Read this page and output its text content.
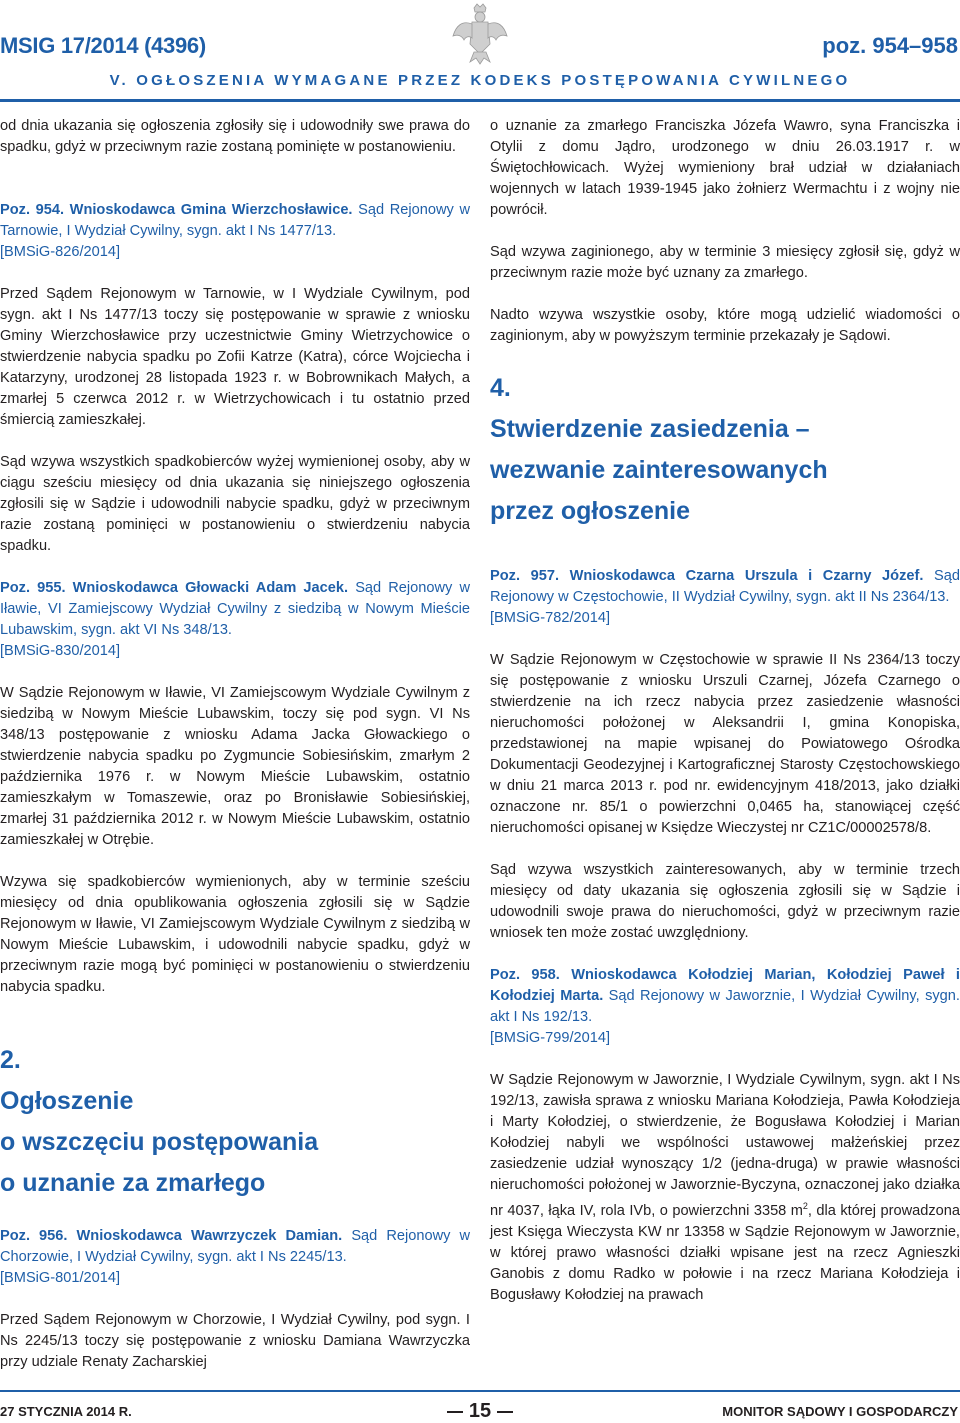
MSIG 17/2014 (4396)	poz. 954–958
V. OGŁOSZENIA WYMAGANE PRZEZ KODEKS POSTĘPOWANIA CYWILNEGO

od dnia ukazania się ogłoszenia zgłosiły się i udowodniły swe prawa do spadku, gdyż w przeciwnym razie zostaną pominięte w postanowieniu.

Poz. 954. Wnioskodawca Gmina Wierzchosławice. Sąd Rejonowy w Tarnowie, I Wydział Cywilny, sygn. akt I Ns 1477/13.

[BMSiG-826/2014]

Przed Sądem Rejonowym w Tarnowie, w I Wydziale Cywilnym, pod sygn. akt I Ns 1477/13 toczy się postępowanie w sprawie z wniosku Gminy Wierzchosławice przy uczestnictwie Gminy Wietrzychowice o stwierdzenie nabycia spadku po Zofii Katrze (Katra), córce Wojciecha i Katarzyny, urodzonej 28 listopada 1923 r. w Bobrownikach Małych, a zmarłej 5 czerwca 2012 r. w Wietrzychowicach i tu ostatnio przed śmiercią zamieszkałej.

Sąd wzywa wszystkich spadkobierców wyżej wymienionej osoby, aby w ciągu sześciu miesięcy od dnia ukazania się niniejszego ogłoszenia zgłosili się w Sądzie i udowodnili nabycie spadku, gdyż w przeciwnym razie zostaną pominięci w postanowieniu o stwierdzeniu nabycia spadku.

Poz. 955. Wnioskodawca Głowacki Adam Jacek. Sąd Rejonowy w Iławie, VI Zamiejscowy Wydział Cywilny z siedzibą w Nowym Mieście Lubawskim, sygn. akt VI Ns 348/13.

[BMSiG-830/2014]

W Sądzie Rejonowym w Iławie, VI Zamiejscowym Wydziale Cywilnym z siedzibą w Nowym Mieście Lubawskim, toczy się pod sygn. VI Ns 348/13 postępowanie z wniosku Adama Jacka Głowackiego o stwierdzenie nabycia spadku po Zygmuncie Sobiesińskim, zmarłym 2 października 1976 r. w Nowym Mieście Lubawskim, ostatnio zamieszkałym w Tomaszewie, oraz po Bronisławie Sobiesińskiej, zmarłej 31 października 2012 r. w Nowym Mieście Lubawskim, ostatnio zamieszkałej w Otrębie.

Wzywa się spadkobierców wymienionych, aby w terminie sześciu miesięcy od dnia opublikowania ogłoszenia zgłosili się w Sądzie Rejonowym w Iławie, VI Zamiejscowym Wydziale Cywilnym z siedzibą w Nowym Mieście Lubawskim, i udowodnili nabycie spadku, gdyż w przeciwnym razie mogą być pominięci w postanowieniu o stwierdzeniu nabycia spadku.

2.

Ogłoszenie

o wszczęciu postępowania

o uznanie za zmarłego

Poz. 956. Wnioskodawca Wawrzyczek Damian. Sąd Rejonowy w Chorzowie, I Wydział Cywilny, sygn. akt I Ns 2245/13.

[BMSiG-801/2014]

Przed Sądem Rejonowym w Chorzowie, I Wydział Cywilny, pod sygn. I Ns 2245/13 toczy się postępowanie z wniosku Damiana Wawrzyczka przy udziale Renaty Zacharskiej

o uznanie za zmarłego Franciszka Józefa Wawro, syna Franciszka i Otylii z domu Jądro, urodzonego w dniu 26.03.1917 r. w Świętochłowicach. Wyżej wymieniony brał udział w działaniach wojennych w latach 1939-1945 jako żołnierz Wermachtu i z wojny nie powrócił.

Sąd wzywa zaginionego, aby w terminie 3 miesięcy zgłosił się, gdyż w przeciwnym razie może być uznany za zmarłego.

Nadto wzywa wszystkie osoby, które mogą udzielić wiadomości o zaginionym, aby w powyższym terminie przekazały je Sądowi.

4.

Stwierdzenie zasiedzenia –

wezwanie zainteresowanych

przez ogłoszenie

Poz. 957. Wnioskodawca Czarna Urszula i Czarny Józef. Sąd Rejonowy w Częstochowie, II Wydział Cywilny, sygn. akt II Ns 2364/13.

[BMSiG-782/2014]

W Sądzie Rejonowym w Częstochowie w sprawie II Ns 2364/13 toczy się postępowanie z wniosku Urszuli Czarnej, Józefa Czarnego o stwierdzenie na ich rzecz nabycia przez zasiedzenie własności nieruchomości położonej w Aleksandrii I, gmina Konopiska, przedstawionej na mapie wpisanej do Powiatowego Ośrodka Dokumentacji Geodezyjnej i Kartograficznej Starosty Częstochowskiego w dniu 21 marca 2013 r. pod nr. ewidencyjnym 418/2013, jako działki oznaczone nr. 85/1 o powierzchni 0,0465 ha, stanowiącej część nieruchomości opisanej w Księdze Wieczystej nr CZ1C/00002578/8.

Sąd wzywa wszystkich zainteresowanych, aby w terminie trzech miesięcy od daty ukazania się ogłoszenia zgłosili się w Sądzie i udowodnili swoje prawa do nieruchomości, gdyż w przeciwnym razie wniosek ten może zostać uwzględniony.

Poz. 958. Wnioskodawca Kołodziej Marian, Kołodziej Paweł i Kołodziej Marta. Sąd Rejonowy w Jaworznie, I Wydział Cywilny, sygn. akt I Ns 192/13.

[BMSiG-799/2014]

W Sądzie Rejonowym w Jaworznie, I Wydziale Cywilnym, sygn. akt I Ns 192/13, zawisła sprawa z wniosku Mariana Kołodzieja, Pawła Kołodzieja i Marty Kołodziej, o stwierdzenie, że Bogusława Kołodziej i Marian Kołodziej nabyli we wspólności ustawowej małżeńskiej przez zasiedzenie udział wynoszący 1/2 (jedna-druga) w prawie własności nieruchomości położonej w Jaworznie-Byczyna, oznaczonej jako działka nr 4037, łąka IV, rola IVb, o powierzchni 3358 $m^2$, dla której prowadzona jest Księga Wieczysta KW nr 13358 w Sądzie Rejonowym w Jaworznie, w której prawo własności działki wpisane jest na rzecz Agnieszki Ganobis z domu Radko w połowie i na rzecz Mariana Kołodzieja i Bogusławy Kołodziej na prawach

27 STYCZNIA 2014 R.	15	MONITOR SĄDOWY I GOSPODARCZY
